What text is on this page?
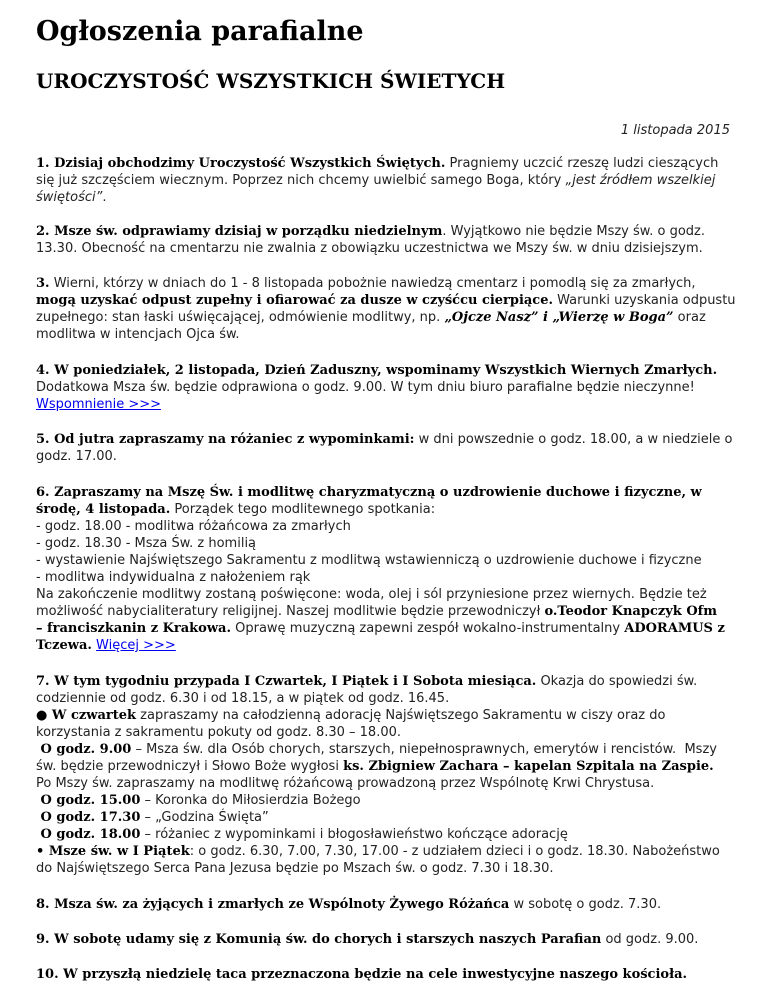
Ogłoszenia parafialne
UROCZYSTOŚĆ WSZYSTKICH ŚWIETYCH
1 listopada 2015
1. Dzisiaj obchodzimy Uroczystość Wszystkich Świętych. Pragniemy uczcić rzeszę ludzi cieszących
się już szczęściem wiecznym. Poprzez nich chcemy uwielbić samego Boga, który „jest źródłem wszelkiej
świętości”.
2. Msze św. odprawiamy dzisiaj w porządku niedzielnym. Wyjątkowo nie będzie Mszy św. o godz.
13.30. Obecność na cmentarzu nie zwalnia z obowiązku uczestnictwa we Mszy św. w dniu dzisiejszym.
3. Wierni, którzy w dniach do 1 - 8 listopada pobożnie nawiedzą cmentarz i pomodlą się za zmarłych,
mogą uzyskać odpust zupełny i ofiarować za dusze w czyśćcu cierpiące. Warunki uzyskania odpustu
zupełnego: stan łaski uświęcającej, odmówienie modlitwy, np. „Ojcze Nasz” i „Wierzę w Boga” oraz
modlitwa w intencjach Ojca św.
4. W poniedziałek, 2 listopada, Dzień Zaduszny, wspominamy Wszystkich Wiernych Zmarłych.
Dodatkowa Msza św. będzie odprawiona o godz. 9.00. W tym dniu biuro parafialne będzie nieczynne!
Wspomnienie >>>
5. Od jutra zapraszamy na różaniec z wypominkami: w dni powszednie o godz. 18.00, a w niedziele o
godz. 17.00.
6. Zapraszamy na Mszę Św. i modlitwę charyzmatyczną o uzdrowienie duchowe i fizyczne, w
środę, 4 listopada. Porządek tego modlitewnego spotkania:
- godz. 18.00 - modlitwa różańcowa za zmarłych
- godz. 18.30 - Msza Św. z homilią
- wystawienie Najświętszego Sakramentu z modlitwą wstawienniczą o uzdrowienie duchowe i fizyczne
- modlitwa indywidualna z nałożeniem rąk
Na zakończenie modlitwy zostaną poświęcone: woda, olej i sól przyniesione przez wiernych. Będzie też
możliwość nabycialiteratury religijnej. Naszej modlitwie będzie przewodniczył o.Teodor Knapczyk Ofm
– franciszkanin z Krakowa. Oprawę muzyczną zapewni zespół wokalno-instrumentalny ADORAMUS z
Tczewa. Więcej >>>
7. W tym tygodniu przypada I Czwartek, I Piątek i I Sobota miesiąca. Okazja do spowiedzi św.
codziennie od godz. 6.30 i od 18.15, a w piątek od godz. 16.45.
● W czwartek zapraszamy na całodzienną adorację Najświętszego Sakramentu w ciszy oraz do
korzystania z sakramentu pokuty od godz. 8.30 – 18.00.
O godz. 9.00 – Msza św. dla Osób chorych, starszych, niepełnosprawnych, emerytów i rencistów.  Mszy
św. będzie przewodniczył i Słowo Boże wygłosi ks. Zbigniew Zachara – kapelan Szpitala na Zaspie.
Po Mszy św. zapraszamy na modlitwę różańcową prowadzoną przez Wspólnotę Krwi Chrystusa.
O godz. 15.00 – Koronka do Miłosierdzia Bożego
O godz. 17.30 – „Godzina Święta”
O godz. 18.00 – różaniec z wypominkami i błogosławieństwo kończące adorację
• Msze św. w I Piątek: o godz. 6.30, 7.00, 7.30, 17.00 - z udziałem dzieci i o godz. 18.30. Nabożeństwo
do Najświętszego Serca Pana Jezusa będzie po Mszach św. o godz. 7.30 i 18.30.
8. Msza św. za żyjących i zmarłych ze Wspólnoty Żywego Różańca w sobotę o godz. 7.30.
9. W sobotę udamy się z Komunią św. do chorych i starszych naszych Parafian od godz. 9.00.
10. W przyszłą niedzielę taca przeznaczona będzie na cele inwestycyjne naszego kościoła.
